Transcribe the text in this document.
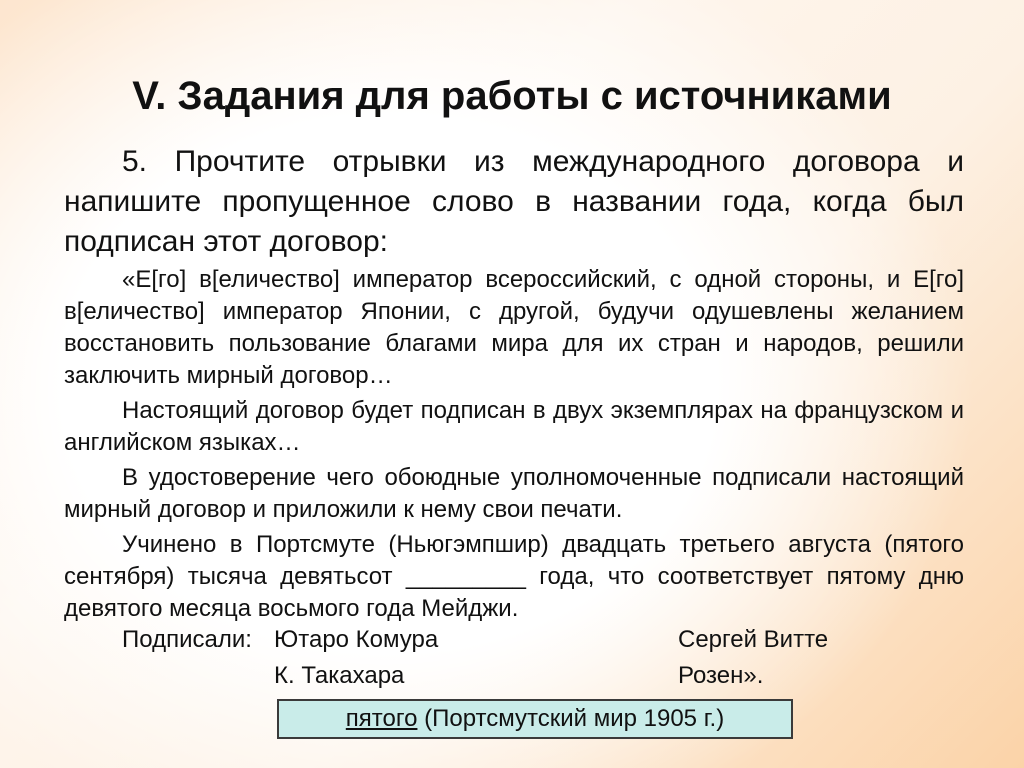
V. Задания для работы с источниками
5. Прочтите отрывки из международного договора и напишите пропущенное слово в названии года, когда был подписан этот договор:

«Е[го] в[еличество] император всероссийский, с одной стороны, и Е[го] в[еличество] император Японии, с другой, будучи одушевлены желанием восстановить пользование благами мира для их стран и народов, решили заключить мирный договор…

Настоящий договор будет подписан в двух экземплярах на французском и английском языках…

В удостоверение чего обоюдные уполномоченные подписали настоящий мирный договор и приложили к нему свои печати.

Учинено в Портсмуте (Ньюгэмпшир) двадцать третьего августа (пятого сентября) тысяча девятьсот _________ года, что соответствует пятому дню девятого месяца восьмого года Мейджи.

Подписали: Ютаро Комура	Сергей Витте
К. Такахара	Розен».
пятого (Портсмутский мир 1905 г.)
